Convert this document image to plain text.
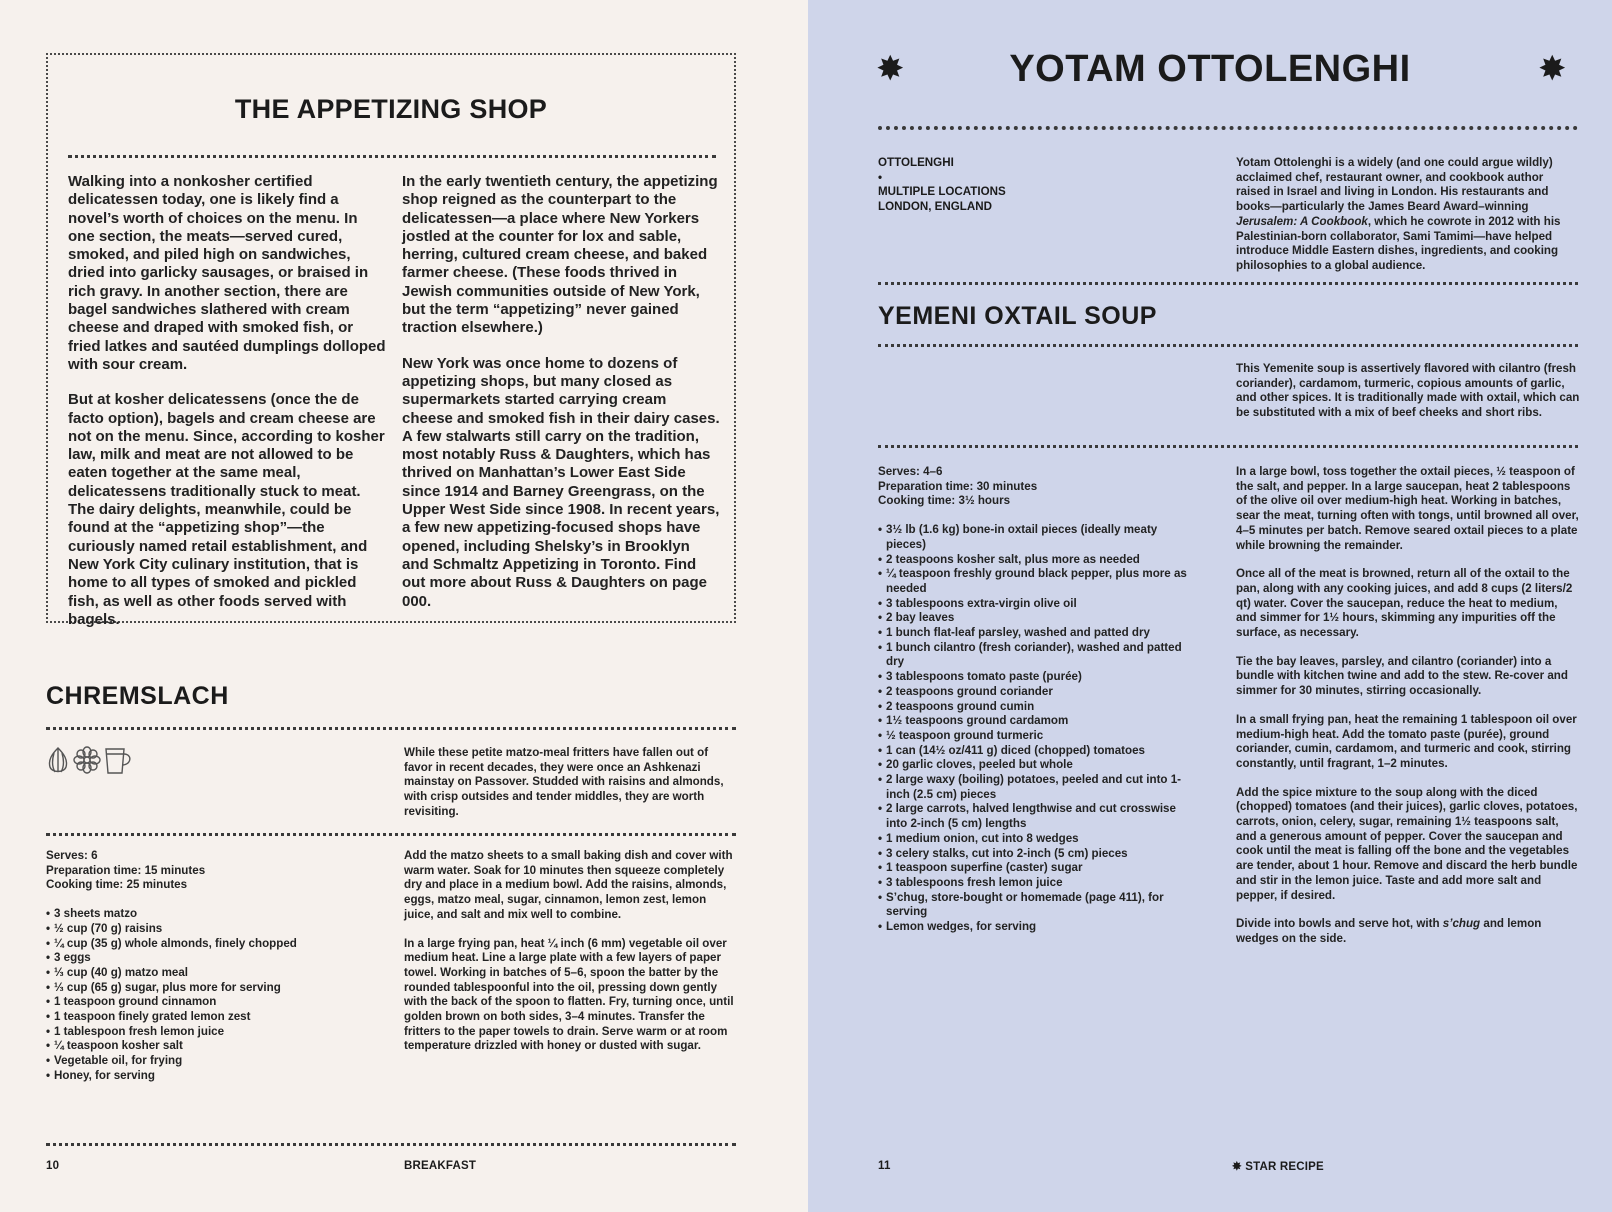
THE APPETIZING SHOP

Walking into a nonkosher certified delicatessen today, one is likely find a novel’s worth of choices on the menu. In one section, the meats—served cured, smoked, and piled high on sandwiches, dried into garlicky sausages, or braised in rich gravy. In another section, there are bagel sandwiches slathered with cream cheese and draped with smoked fish, or fried latkes and sautéed dumplings dolloped with sour cream.

But at kosher delicatessens (once the de facto option), bagels and cream cheese are not on the menu. Since, according to kosher law, milk and meat are not allowed to be eaten together at the same meal, delicatessens traditionally stuck to meat. The dairy delights, meanwhile, could be found at the “appetizing shop”—the curiously named retail establishment, and New York City culinary institution, that is home to all types of smoked and pickled fish, as well as other foods served with bagels.

In the early twentieth century, the appetizing shop reigned as the counterpart to the delicatessen—a place where New Yorkers jostled at the counter for lox and sable, herring, cultured cream cheese, and baked farmer cheese. (These foods thrived in Jewish communities outside of New York, but the term “appetizing” never gained traction elsewhere.)

New York was once home to dozens of appetizing shops, but many closed as supermarkets started carrying cream cheese and smoked fish in their dairy cases. A few stalwarts still carry on the tradition, most notably Russ & Daughters, which has thrived on Manhattan’s Lower East Side since 1914 and Barney Greengrass, on the Upper West Side since 1908. In recent years, a few new appetizing-focused shops have opened, including Shelsky’s in Brooklyn and Schmaltz Appetizing in Toronto. Find out more about Russ & Daughters on page 000.

CHREMSLACH
While these petite matzo-meal fritters have fallen out of favor in recent decades, they were once an Ashkenazi mainstay on Passover. Studded with raisins and almonds, with crisp outsides and tender middles, they are worth revisiting.
Serves: 6
Preparation time: 15 minutes
Cooking time: 25 minutes
• 3 sheets matzo
• ½ cup (70 g) raisins
• ¼ cup (35 g) whole almonds, finely chopped
• 3 eggs
• ⅓ cup (40 g) matzo meal
• ⅓ cup (65 g) sugar, plus more for serving
• 1 teaspoon ground cinnamon
• 1 teaspoon finely grated lemon zest
• 1 tablespoon fresh lemon juice
• ¼ teaspoon kosher salt
• Vegetable oil, for frying
• Honey, for serving

Add the matzo sheets to a small baking dish and cover with warm water. Soak for 10 minutes then squeeze completely dry and place in a medium bowl. Add the raisins, almonds, eggs, matzo meal, sugar, cinnamon, lemon zest, lemon juice, and salt and mix well to combine.

In a large frying pan, heat ¼ inch (6 mm) vegetable oil over medium heat. Line a large plate with a few layers of paper towel. Working in batches of 5–6, spoon the batter by the rounded tablespoonful into the oil, pressing down gently with the back of the spoon to flatten. Fry, turning once, until golden brown on both sides, 3–4 minutes. Transfer the fritters to the paper towels to drain. Serve warm or at room temperature drizzled with honey or dusted with sugar.

10	BREAKFAST
✸	YOTAM OTTOLENGHI	✸
OTTOLENGHI
•
MULTIPLE LOCATIONS
LONDON, ENGLAND
Yotam Ottolenghi is a widely (and one could argue wildly) acclaimed chef, restaurant owner, and cookbook author raised in Israel and living in London. His restaurants and books—particularly the James Beard Award–winning Jerusalem: A Cookbook, which he cowrote in 2012 with his Palestinian-born collaborator, Sami Tamimi—have helped introduce Middle Eastern dishes, ingredients, and cooking philosophies to a global audience.
YEMENI OXTAIL SOUP
This Yemenite soup is assertively flavored with cilantro (fresh coriander), cardamom, turmeric, copious amounts of garlic, and other spices. It is traditionally made with oxtail, which can be substituted with a mix of beef cheeks and short ribs.
Serves: 4–6
Preparation time: 30 minutes
Cooking time: 3½ hours
• 3½ lb (1.6 kg) bone-in oxtail pieces (ideally meaty pieces)
• 2 teaspoons kosher salt, plus more as needed
• ¼ teaspoon freshly ground black pepper, plus more as needed
• 3 tablespoons extra-virgin olive oil
• 2 bay leaves
• 1 bunch flat-leaf parsley, washed and patted dry
• 1 bunch cilantro (fresh coriander), washed and patted dry
• 3 tablespoons tomato paste (purée)
• 2 teaspoons ground coriander
• 2 teaspoons ground cumin
• 1½ teaspoons ground cardamom
• ½ teaspoon ground turmeric
• 1 can (14½ oz/411 g) diced (chopped) tomatoes
• 20 garlic cloves, peeled but whole
• 2 large waxy (boiling) potatoes, peeled and cut into 1-inch (2.5 cm) pieces
• 2 large carrots, halved lengthwise and cut crosswise into 2-inch (5 cm) lengths
• 1 medium onion, cut into 8 wedges
• 3 celery stalks, cut into 2-inch (5 cm) pieces
• 1 teaspoon superfine (caster) sugar
• 3 tablespoons fresh lemon juice
• S’chug, store-bought or homemade (page 411), for serving
• Lemon wedges, for serving

In a large bowl, toss together the oxtail pieces, ½ teaspoon of the salt, and pepper. In a large saucepan, heat 2 tablespoons of the olive oil over medium-high heat. Working in batches, sear the meat, turning often with tongs, until browned all over, 4–5 minutes per batch. Remove seared oxtail pieces to a plate while browning the remainder.

Once all of the meat is browned, return all of the oxtail to the pan, along with any cooking juices, and add 8 cups (2 liters/2 qt) water. Cover the saucepan, reduce the heat to medium, and simmer for 1½ hours, skimming any impurities off the surface, as necessary.

Tie the bay leaves, parsley, and cilantro (coriander) into a bundle with kitchen twine and add to the stew. Re-cover and simmer for 30 minutes, stirring occasionally.

In a small frying pan, heat the remaining 1 tablespoon oil over medium-high heat. Add the tomato paste (purée), ground coriander, cumin, cardamom, and turmeric and cook, stirring constantly, until fragrant, 1–2 minutes.

Add the spice mixture to the soup along with the diced (chopped) tomatoes (and their juices), garlic cloves, potatoes, carrots, onion, celery, sugar, remaining 1½ teaspoons salt, and a generous amount of pepper. Cover the saucepan and cook until the meat is falling off the bone and the vegetables are tender, about 1 hour. Remove and discard the herb bundle and stir in the lemon juice. Taste and add more salt and pepper, if desired.

Divide into bowls and serve hot, with s’chug and lemon wedges on the side.

11	✸ STAR RECIPE
